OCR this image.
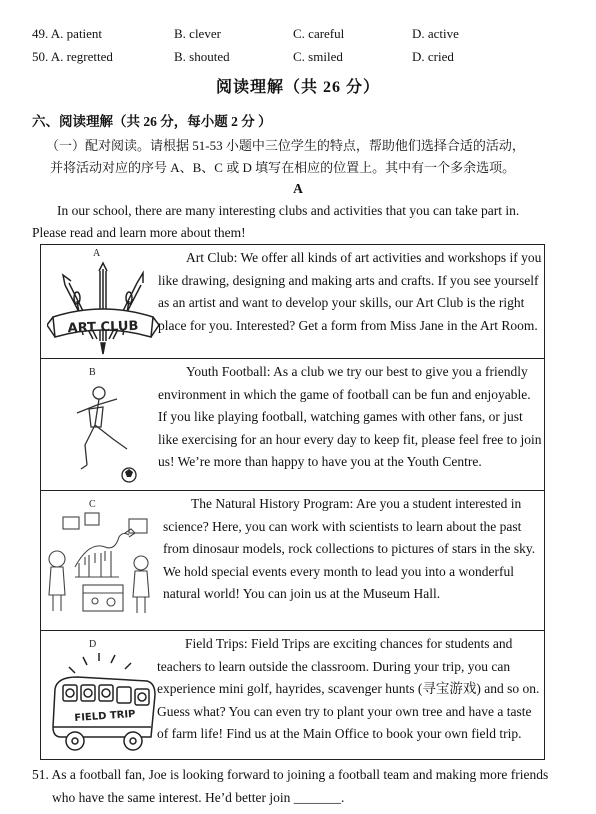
49. A. patient	B. clever	C. careful	D. active
50. A. regretted	B. shouted	C. smiled	D. cried
阅读理解（共 26 分）
六、阅读理解（共 26 分，每小题 2 分 ）
（一）配对阅读。请根据 51-53 小题中三位学生的特点，帮助他们选择合适的活动，
并将活动对应的序号 A、B、C 或 D 填写在相应的位置上。其中有一个多余选项。
A
In our school, there are many interesting clubs and activities that you can take part in.
Please read and learn more about them!
A
ART CLUB
Art Club: We offer all kinds of art activities and workshops if you
like drawing, designing and making arts and crafts. If you see yourself
as an artist and want to develop your skills, our Art Club is the right
place for you. Interested? Get a form from Miss Jane in the Art Room.
B	Youth Football: As a club we try our best to give you a friendly
environment in which the game of football can be fun and enjoyable.
If you like playing football, watching games with other fans, or just
like exercising for an hour every day to keep fit, please feel free to join
us! We’re more than happy to have you at the Youth Centre.
C	The Natural History Program: Are you a student interested in
science? Here, you can work with scientists to learn about the past
from dinosaur models, rock collections to pictures of stars in the sky.
We hold special events every month to lead you into a wonderful
natural world! You can join us at the Museum Hall.
D
FIELD TRIP
Field Trips: Field Trips are exciting chances for students and
teachers to learn outside the classroom. During your trip, you can
experience mini golf, hayrides, scavenger hunts (寻宝游戏) and so on.
Guess what? You can even try to plant your own tree and have a taste
of farm life! Find us at the Main Office to book your own field trip.
51. As a football fan, Joe is looking forward to joining a football team and making more friends
who have the same interest. He’d better join _______.
